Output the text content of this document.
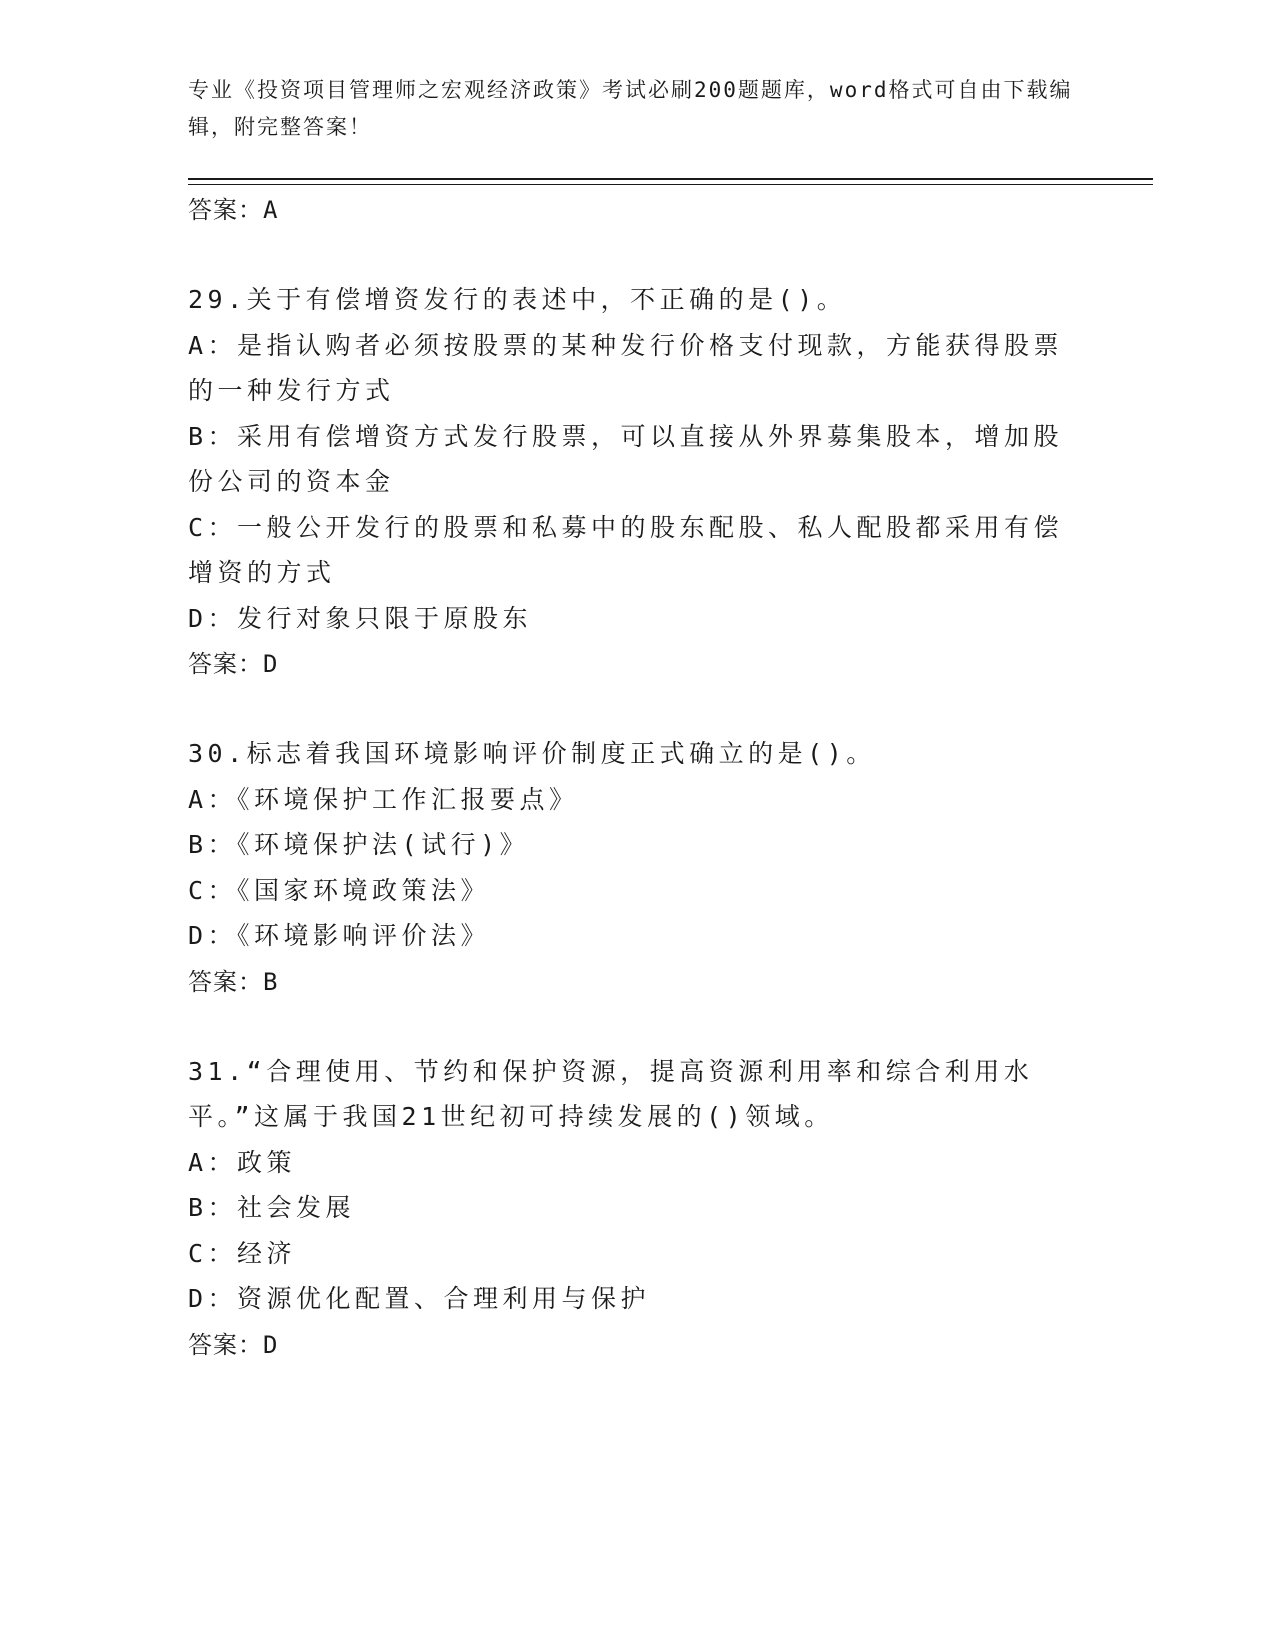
专业《投资项目管理师之宏观经济政策》考试必刷200题题库，word格式可自由下载编辑，附完整答案！
答案：A
29.关于有偿增资发行的表述中，不正确的是()。
A：是指认购者必须按股票的某种发行价格支付现款，方能获得股票的一种发行方式
B：采用有偿增资方式发行股票，可以直接从外界募集股本，增加股份公司的资本金
C：一般公开发行的股票和私募中的股东配股、私人配股都采用有偿增资的方式
D：发行对象只限于原股东
答案：D
30.标志着我国环境影响评价制度正式确立的是()。
A：《环境保护工作汇报要点》
B：《环境保护法(试行)》
C：《国家环境政策法》
D：《环境影响评价法》
答案：B
31.“合理使用、节约和保护资源，提高资源利用率和综合利用水平。”这属于我国21世纪初可持续发展的()领域。
A：政策
B：社会发展
C：经济
D：资源优化配置、合理利用与保护
答案：D
